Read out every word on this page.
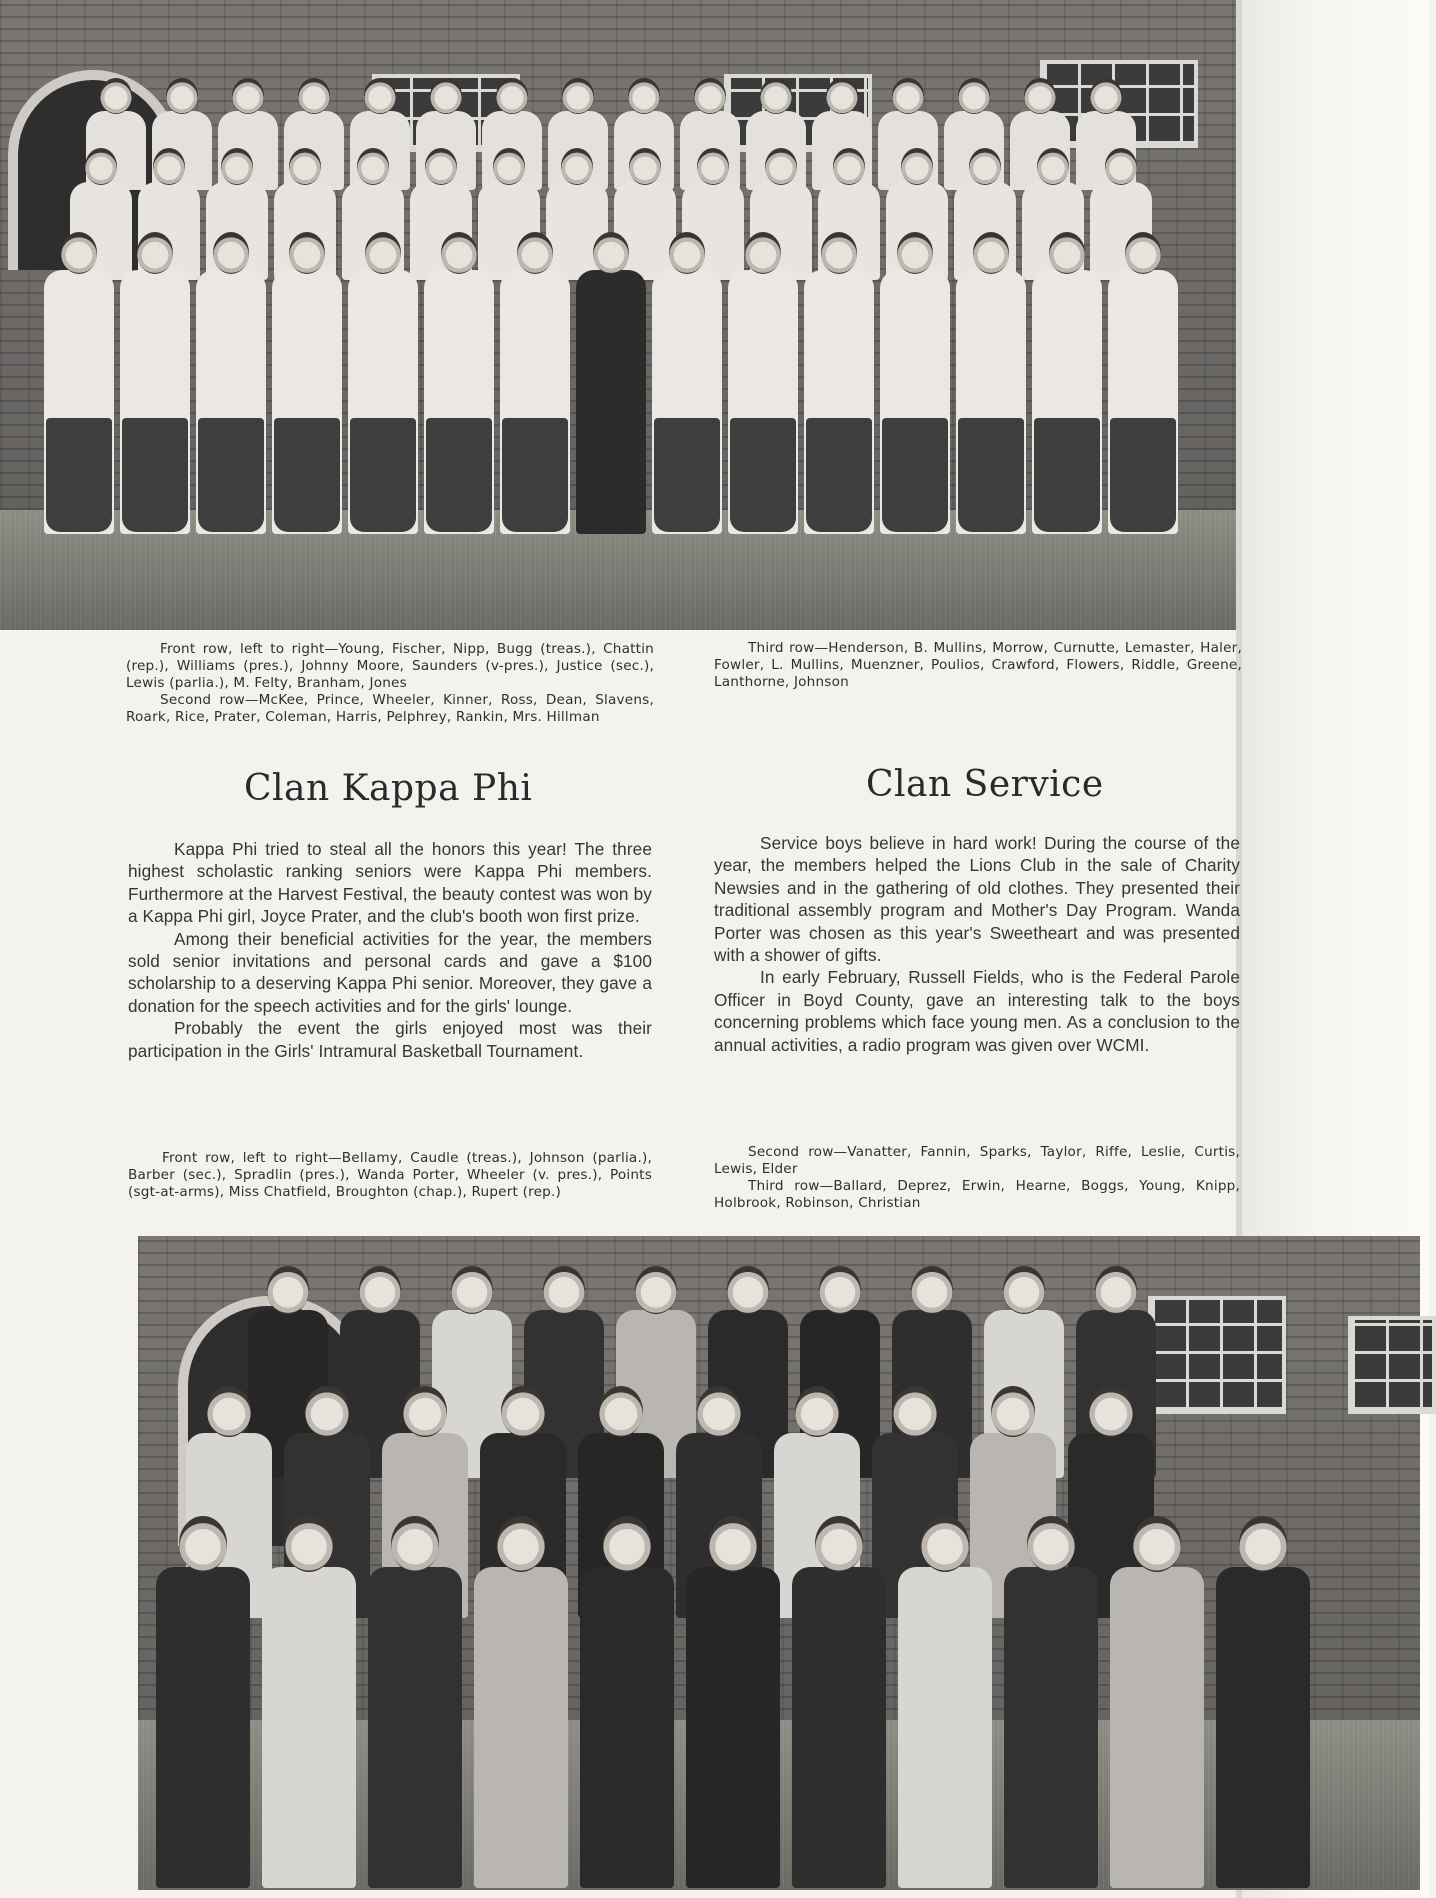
Front row, left to right—Young, Fischer, Nipp, Bugg (treas.), Chattin (rep.), Williams (pres.), Johnny Moore, Saunders (v-pres.), Justice (sec.), Lewis (parlia.), M. Felty, Branham, Jones

Second row—McKee, Prince, Wheeler, Kinner, Ross, Dean, Slavens, Roark, Rice, Prater, Coleman, Harris, Pelphrey, Rankin, Mrs. Hillman

Third row—Henderson, B. Mullins, Morrow, Curnutte, Lemaster, Haler, Fowler, L. Mullins, Muenzner, Poulios, Crawford, Flowers, Riddle, Greene, Lanthorne, Johnson

Clan Kappa Phi	Clan Service

Kappa Phi tried to steal all the honors this year! The three highest scholastic ranking seniors were Kappa Phi members. Furthermore at the Harvest Festival, the beauty contest was won by a Kappa Phi girl, Joyce Prater, and the club's booth won first prize.

Among their beneficial activities for the year, the members sold senior invitations and personal cards and gave a $100 scholarship to a deserving Kappa Phi senior. Moreover, they gave a donation for the speech activities and for the girls' lounge.

Probably the event the girls enjoyed most was their participation in the Girls' Intramural Basketball Tournament.

Service boys believe in hard work! During the course of the year, the members helped the Lions Club in the sale of Charity Newsies and in the gathering of old clothes. They presented their traditional assembly program and Mother's Day Program. Wanda Porter was chosen as this year's Sweetheart and was presented with a shower of gifts.

In early February, Russell Fields, who is the Federal Parole Officer in Boyd County, gave an interesting talk to the boys concerning problems which face young men. As a conclusion to the annual activities, a radio program was given over WCMI.

Front row, left to right—Bellamy, Caudle (treas.), Johnson (parlia.), Barber (sec.), Spradlin (pres.), Wanda Porter, Wheeler (v. pres.), Points (sgt-at-arms), Miss Chatfield, Broughton (chap.), Rupert (rep.)

Second row—Vanatter, Fannin, Sparks, Taylor, Riffe, Leslie, Curtis, Lewis, Elder

Third row—Ballard, Deprez, Erwin, Hearne, Boggs, Young, Knipp, Holbrook, Robinson, Christian
